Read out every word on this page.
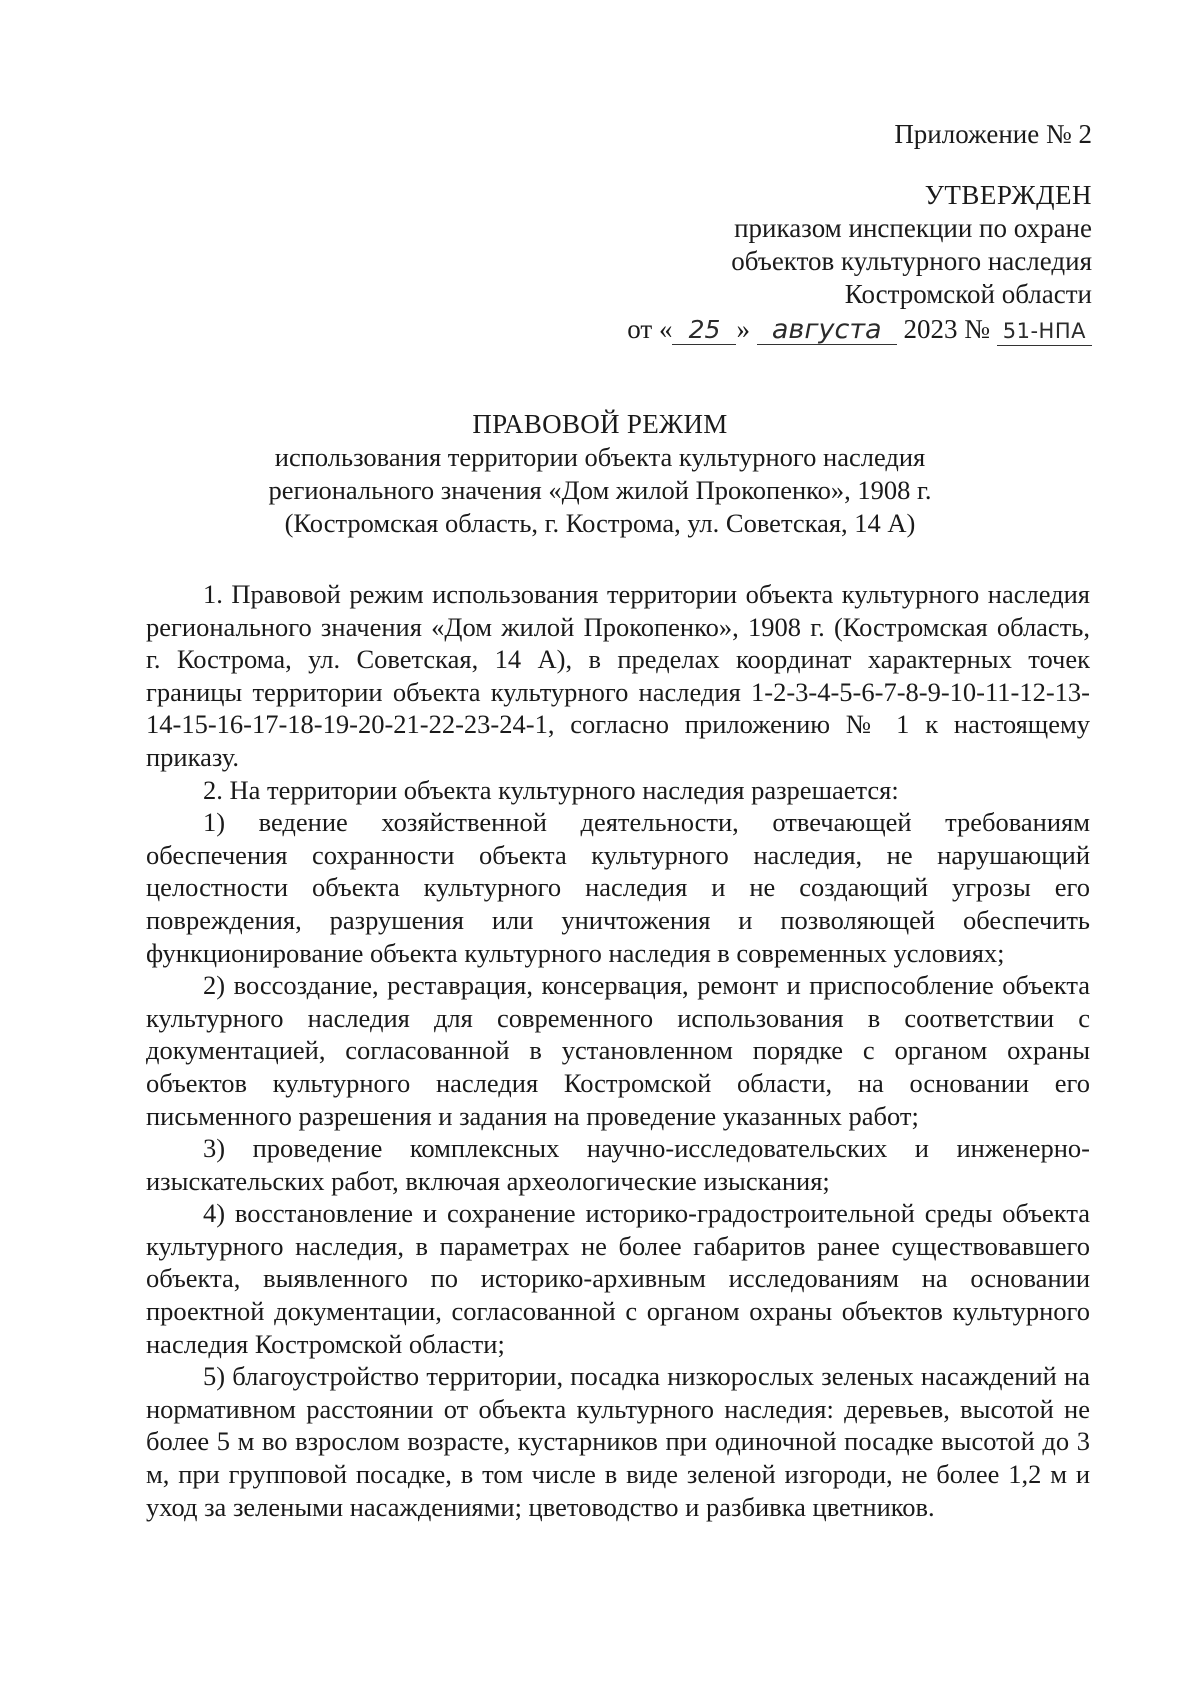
Приложение № 2
УТВЕРЖДЕН
приказом инспекции по охране
объектов культурного наследия
Костромской области
от « 25 » августа 2023 № 51-НПА
ПРАВОВОЙ РЕЖИМ
использования территории объекта культурного наследия
регионального значения «Дом жилой Прокопенко», 1908 г.
(Костромская область, г. Кострома, ул. Советская, 14 А)

1. Правовой режим использования территории объекта культурного наследия регионального значения «Дом жилой Прокопенко», 1908 г. (Костромская область, г. Кострома, ул. Советская, 14 А), в пределах координат характерных точек границы территории объекта культурного наследия 1-2-3-4-5-6-7-8-9-10-11-12-13-14-15-16-17-18-19-20-21-22-23-24-1, согласно приложению № 1 к настоящему приказу.

2. На территории объекта культурного наследия разрешается:

1) ведение хозяйственной деятельности, отвечающей требованиям обеспечения сохранности объекта культурного наследия, не нарушающий целостности объекта культурного наследия и не создающий угрозы его повреждения, разрушения или уничтожения и позволяющей обеспечить функционирование объекта культурного наследия в современных условиях;

2) воссоздание, реставрация, консервация, ремонт и приспособление объекта культурного наследия для современного использования в соответствии с документацией, согласованной в установленном порядке с органом охраны объектов культурного наследия Костромской области, на основании его письменного разрешения и задания на проведение указанных работ;

3) проведение комплексных научно-исследовательских и инженерно-изыскательских работ, включая археологические изыскания;

4) восстановление и сохранение историко-градостроительной среды объекта культурного наследия, в параметрах не более габаритов ранее существовавшего объекта, выявленного по историко-архивным исследованиям на основании проектной документации, согласованной с органом охраны объектов культурного наследия Костромской области;

5) благоустройство территории, посадка низкорослых зеленых насаждений на нормативном расстоянии от объекта культурного наследия: деревьев, высотой не более 5 м во взрослом возрасте, кустарников при одиночной посадке высотой до 3 м, при групповой посадке, в том числе в виде зеленой изгороди, не более 1,2 м и уход за зелеными насаждениями; цветоводство и разбивка цветников.
